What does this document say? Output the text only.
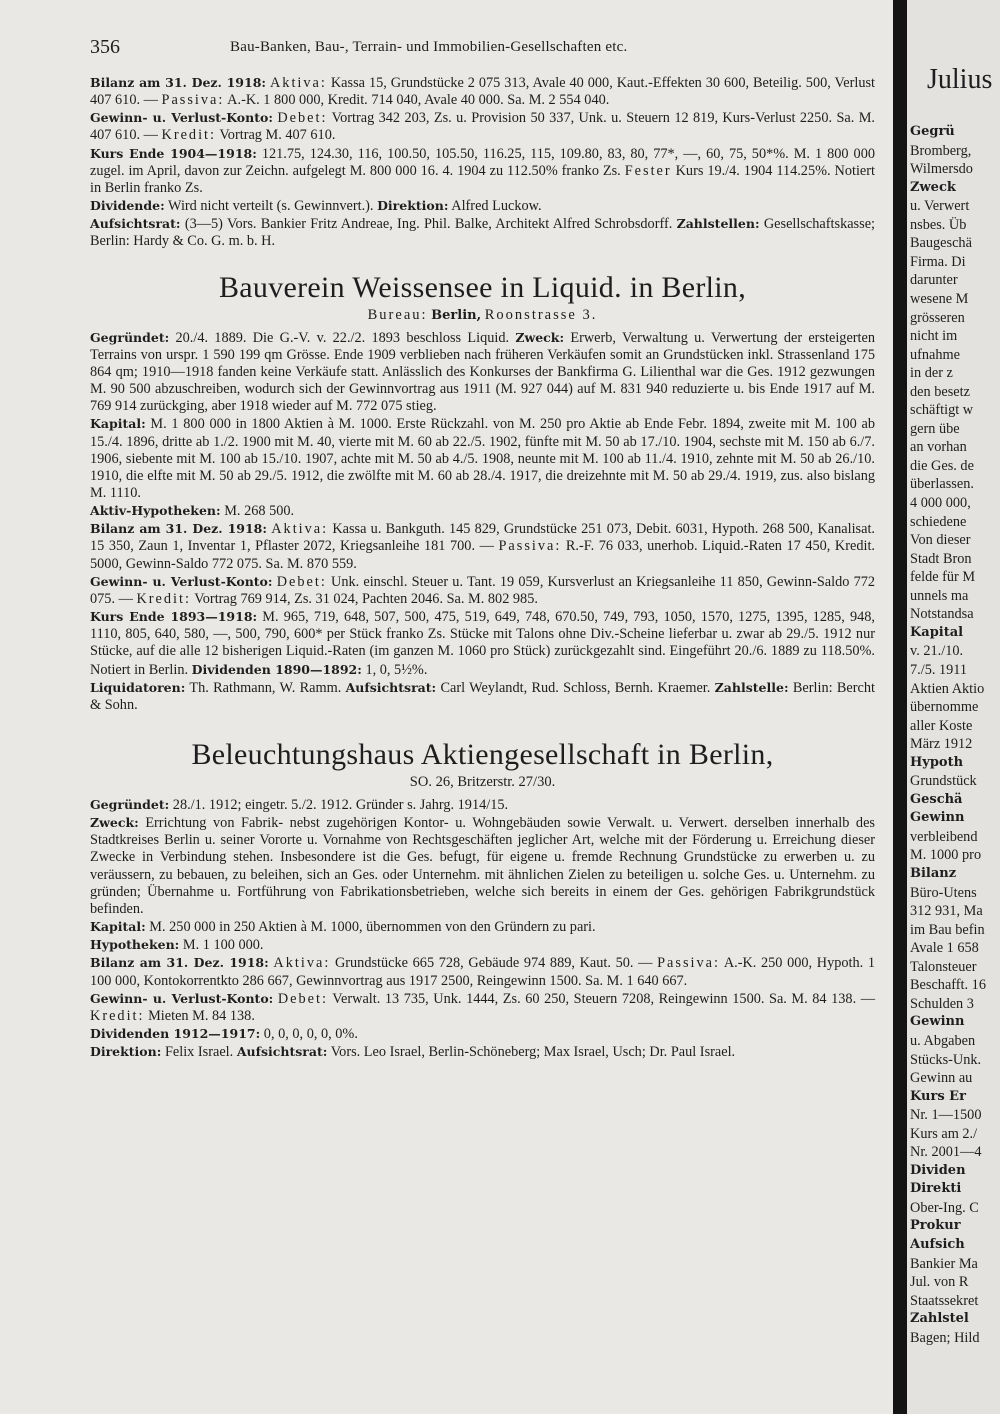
356	Bau-Banken, Bau-, Terrain- und Immobilien-Gesellschaften etc.

Bilanz am 31. Dez. 1918: Aktiva: Kassa 15, Grundstücke 2 075 313, Avale 40 000, Kaut.-Effekten 30 600, Beteilig. 500, Verlust 407 610. — Passiva: A.-K. 1 800 000, Kredit. 714 040, Avale 40 000. Sa. M. 2 554 040.

Gewinn- u. Verlust-Konto: Debet: Vortrag 342 203, Zs. u. Provision 50 337, Unk. u. Steuern 12 819, Kurs-Verlust 2250. Sa. M. 407 610. — Kredit: Vortrag M. 407 610.

Kurs Ende 1904—1918: 121.75, 124.30, 116, 100.50, 105.50, 116.25, 115, 109.80, 83, 80, 77*, —, 60, 75, 50*%. M. 1 800 000 zugel. im April, davon zur Zeichn. aufgelegt M. 800 000 16. 4. 1904 zu 112.50% franko Zs. Fester Kurs 19./4. 1904 114.25%. Notiert in Berlin franko Zs.

Dividende: Wird nicht verteilt (s. Gewinnvert.). Direktion: Alfred Luckow.

Aufsichtsrat: (3—5) Vors. Bankier Fritz Andreae, Ing. Phil. Balke, Architekt Alfred Schrobsdorff. Zahlstellen: Gesellschaftskasse; Berlin: Hardy & Co. G. m. b. H.

Bauverein Weissensee in Liquid. in Berlin,
Bureau: Berlin, Roonstrasse 3.

Gegründet: 20./4. 1889. Die G.-V. v. 22./2. 1893 beschloss Liquid. Zweck: Erwerb, Verwaltung u. Verwertung der ersteigerten Terrains von urspr. 1 590 199 qm Grösse. Ende 1909 verblieben nach früheren Verkäufen somit an Grundstücken inkl. Strassenland 175 864 qm; 1910—1918 fanden keine Verkäufe statt. Anlässlich des Konkurses der Bankfirma G. Lilienthal war die Ges. 1912 gezwungen M. 90 500 abzuschreiben, wodurch sich der Gewinnvortrag aus 1911 (M. 927 044) auf M. 831 940 reduzierte u. bis Ende 1917 auf M. 769 914 zurückging, aber 1918 wieder auf M. 772 075 stieg.

Kapital: M. 1 800 000 in 1800 Aktien à M. 1000. Erste Rückzahl. von M. 250 pro Aktie ab Ende Febr. 1894, zweite mit M. 100 ab 15./4. 1896, dritte ab 1./2. 1900 mit M. 40, vierte mit M. 60 ab 22./5. 1902, fünfte mit M. 50 ab 17./10. 1904, sechste mit M. 150 ab 6./7. 1906, siebente mit M. 100 ab 15./10. 1907, achte mit M. 50 ab 4./5. 1908, neunte mit M. 100 ab 11./4. 1910, zehnte mit M. 50 ab 26./10. 1910, die elfte mit M. 50 ab 29./5. 1912, die zwölfte mit M. 60 ab 28./4. 1917, die dreizehnte mit M. 50 ab 29./4. 1919, zus. also bislang M. 1110.

Aktiv-Hypotheken: M. 268 500.

Bilanz am 31. Dez. 1918: Aktiva: Kassa u. Bankguth. 145 829, Grundstücke 251 073, Debit. 6031, Hypoth. 268 500, Kanalisat. 15 350, Zaun 1, Inventar 1, Pflaster 2072, Kriegsanleihe 181 700. — Passiva: R.-F. 76 033, unerhob. Liquid.-Raten 17 450, Kredit. 5000, Gewinn-Saldo 772 075. Sa. M. 870 559.

Gewinn- u. Verlust-Konto: Debet: Unk. einschl. Steuer u. Tant. 19 059, Kursverlust an Kriegsanleihe 11 850, Gewinn-Saldo 772 075. — Kredit: Vortrag 769 914, Zs. 31 024, Pachten 2046. Sa. M. 802 985.

Kurs Ende 1893—1918: M. 965, 719, 648, 507, 500, 475, 519, 649, 748, 670.50, 749, 793, 1050, 1570, 1275, 1395, 1285, 948, 1110, 805, 640, 580, —, 500, 790, 600* per Stück franko Zs. Stücke mit Talons ohne Div.-Scheine lieferbar u. zwar ab 29./5. 1912 nur Stücke, auf die alle 12 bisherigen Liquid.-Raten (im ganzen M. 1060 pro Stück) zurückgezahlt sind. Eingeführt 20./6. 1889 zu 118.50%. Notiert in Berlin. Dividenden 1890—1892: 1, 0, 5½%.

Liquidatoren: Th. Rathmann, W. Ramm. Aufsichtsrat: Carl Weylandt, Rud. Schloss, Bernh. Kraemer. Zahlstelle: Berlin: Bercht & Sohn.

Beleuchtungshaus Aktiengesellschaft in Berlin,
SO. 26, Britzerstr. 27/30.

Gegründet: 28./1. 1912; eingetr. 5./2. 1912. Gründer s. Jahrg. 1914/15.

Zweck: Errichtung von Fabrik- nebst zugehörigen Kontor- u. Wohngebäuden sowie Verwalt. u. Verwert. derselben innerhalb des Stadtkreises Berlin u. seiner Vororte u. Vornahme von Rechtsgeschäften jeglicher Art, welche mit der Förderung u. Erreichung dieser Zwecke in Verbindung stehen. Insbesondere ist die Ges. befugt, für eigene u. fremde Rechnung Grundstücke zu erwerben u. zu veräussern, zu bebauen, zu beleihen, sich an Ges. oder Unternehm. mit ähnlichen Zielen zu beteiligen u. solche Ges. u. Unternehm. zu gründen; Übernahme u. Fortführung von Fabrikationsbetrieben, welche sich bereits in einem der Ges. gehörigen Fabrikgrundstück befinden.

Kapital: M. 250 000 in 250 Aktien à M. 1000, übernommen von den Gründern zu pari.

Hypotheken: M. 1 100 000.

Bilanz am 31. Dez. 1918: Aktiva: Grundstücke 665 728, Gebäude 974 889, Kaut. 50. — Passiva: A.-K. 250 000, Hypoth. 1 100 000, Kontokorrentkto 286 667, Gewinnvortrag aus 1917 2500, Reingewinn 1500. Sa. M. 1 640 667.

Gewinn- u. Verlust-Konto: Debet: Verwalt. 13 735, Unk. 1444, Zs. 60 250, Steuern 7208, Reingewinn 1500. Sa. M. 84 138. — Kredit: Mieten M. 84 138.

Dividenden 1912—1917: 0, 0, 0, 0, 0, 0%.

Direktion: Felix Israel. Aufsichtsrat: Vors. Leo Israel, Berlin-Schöneberg; Max Israel, Usch; Dr. Paul Israel.

Julius
Gegrü
Bromberg,
Wilmersdo
Zweck
u. Verwert
nsbes. Üb
Baugeschä
Firma. Di
darunter
wesene M
grösseren
nicht im
ufnahme
in der z
den besetz
schäftigt w
gern übe
an vorhan
die Ges. de
überlassen.
4 000 000,
schiedene
Von dieser
Stadt Bron
felde für M
unnels ma
Notstandsa
Kapital
v. 21./10.
7./5. 1911
Aktien Aktio
übernomme
aller Koste
März 1912
Hypoth
Grundstück
Geschä
Gewinn
verbleibend
M. 1000 pro
Bilanz
Büro-Utens
312 931, Ma
im Bau befin
Avale 1 658
Talonsteuer
Beschafft. 16
Schulden 3
Gewinn
u. Abgaben
Stücks-Unk.
Gewinn au
Kurs Er
Nr. 1—1500
Kurs am 2./
Nr. 2001—4
Dividen
Direkti
Ober-Ing. C
Prokur
Aufsich
Bankier Ma
Jul. von R
Staatssekret
Zahlstel
Bagen; Hild
